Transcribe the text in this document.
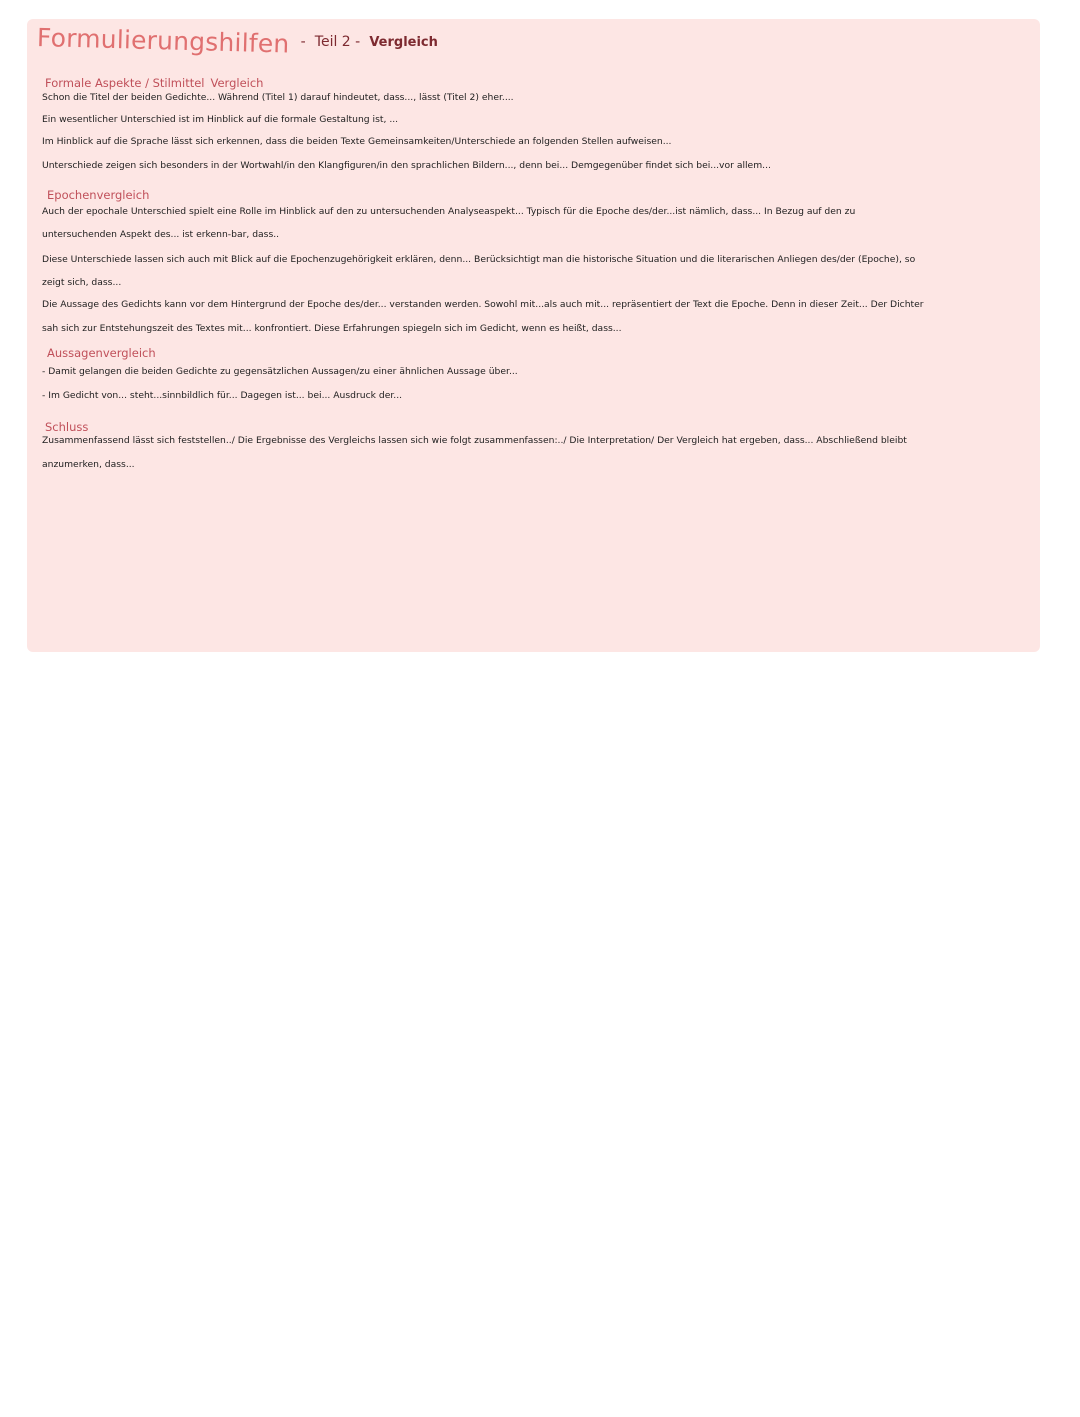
Formulierungshilfen - Teil 2 - Vergleich
Formale Aspekte / Stilmittel Vergleich
Schon die Titel der beiden Gedichte... Während (Titel 1) darauf hindeutet, dass..., lässt (Titel 2) eher....
Ein wesentlicher Unterschied ist im Hinblick auf die formale Gestaltung ist, ...
Im Hinblick auf die Sprache lässt sich erkennen, dass die beiden Texte Gemeinsamkeiten/Unterschiede an folgenden Stellen aufweisen...
Unterschiede zeigen sich besonders in der Wortwahl/in den Klangfiguren/in den sprachlichen Bildern..., denn bei... Demgegenüber findet sich bei...vor allem...
Epochenvergleich
Auch der epochale Unterschied spielt eine Rolle im Hinblick auf den zu untersuchenden Analyseaspekt... Typisch für die Epoche des/der...ist nämlich, dass... In Bezug auf den zu
untersuchenden Aspekt des... ist erkenn-bar, dass..
Diese Unterschiede lassen sich auch mit Blick auf die Epochenzugehörigkeit erklären, denn... Berücksichtigt man die historische Situation und die literarischen Anliegen des/der (Epoche), so
zeigt sich, dass...
Die Aussage des Gedichts kann vor dem Hintergrund der Epoche des/der... verstanden werden. Sowohl mit...als auch mit... repräsentiert der Text die Epoche. Denn in dieser Zeit... Der Dichter
sah sich zur Entstehungszeit des Textes mit... konfrontiert. Diese Erfahrungen spiegeln sich im Gedicht, wenn es heißt, dass...
Aussagenvergleich
- Damit gelangen die beiden Gedichte zu gegensätzlichen Aussagen/zu einer ähnlichen Aussage über...
- Im Gedicht von... steht...sinnbildlich für... Dagegen ist... bei... Ausdruck der...
Schluss
Zusammenfassend lässt sich feststellen../ Die Ergebnisse des Vergleichs lassen sich wie folgt zusammenfassen:../ Die Interpretation/ Der Vergleich hat ergeben, dass... Abschließend bleibt
anzumerken, dass...
